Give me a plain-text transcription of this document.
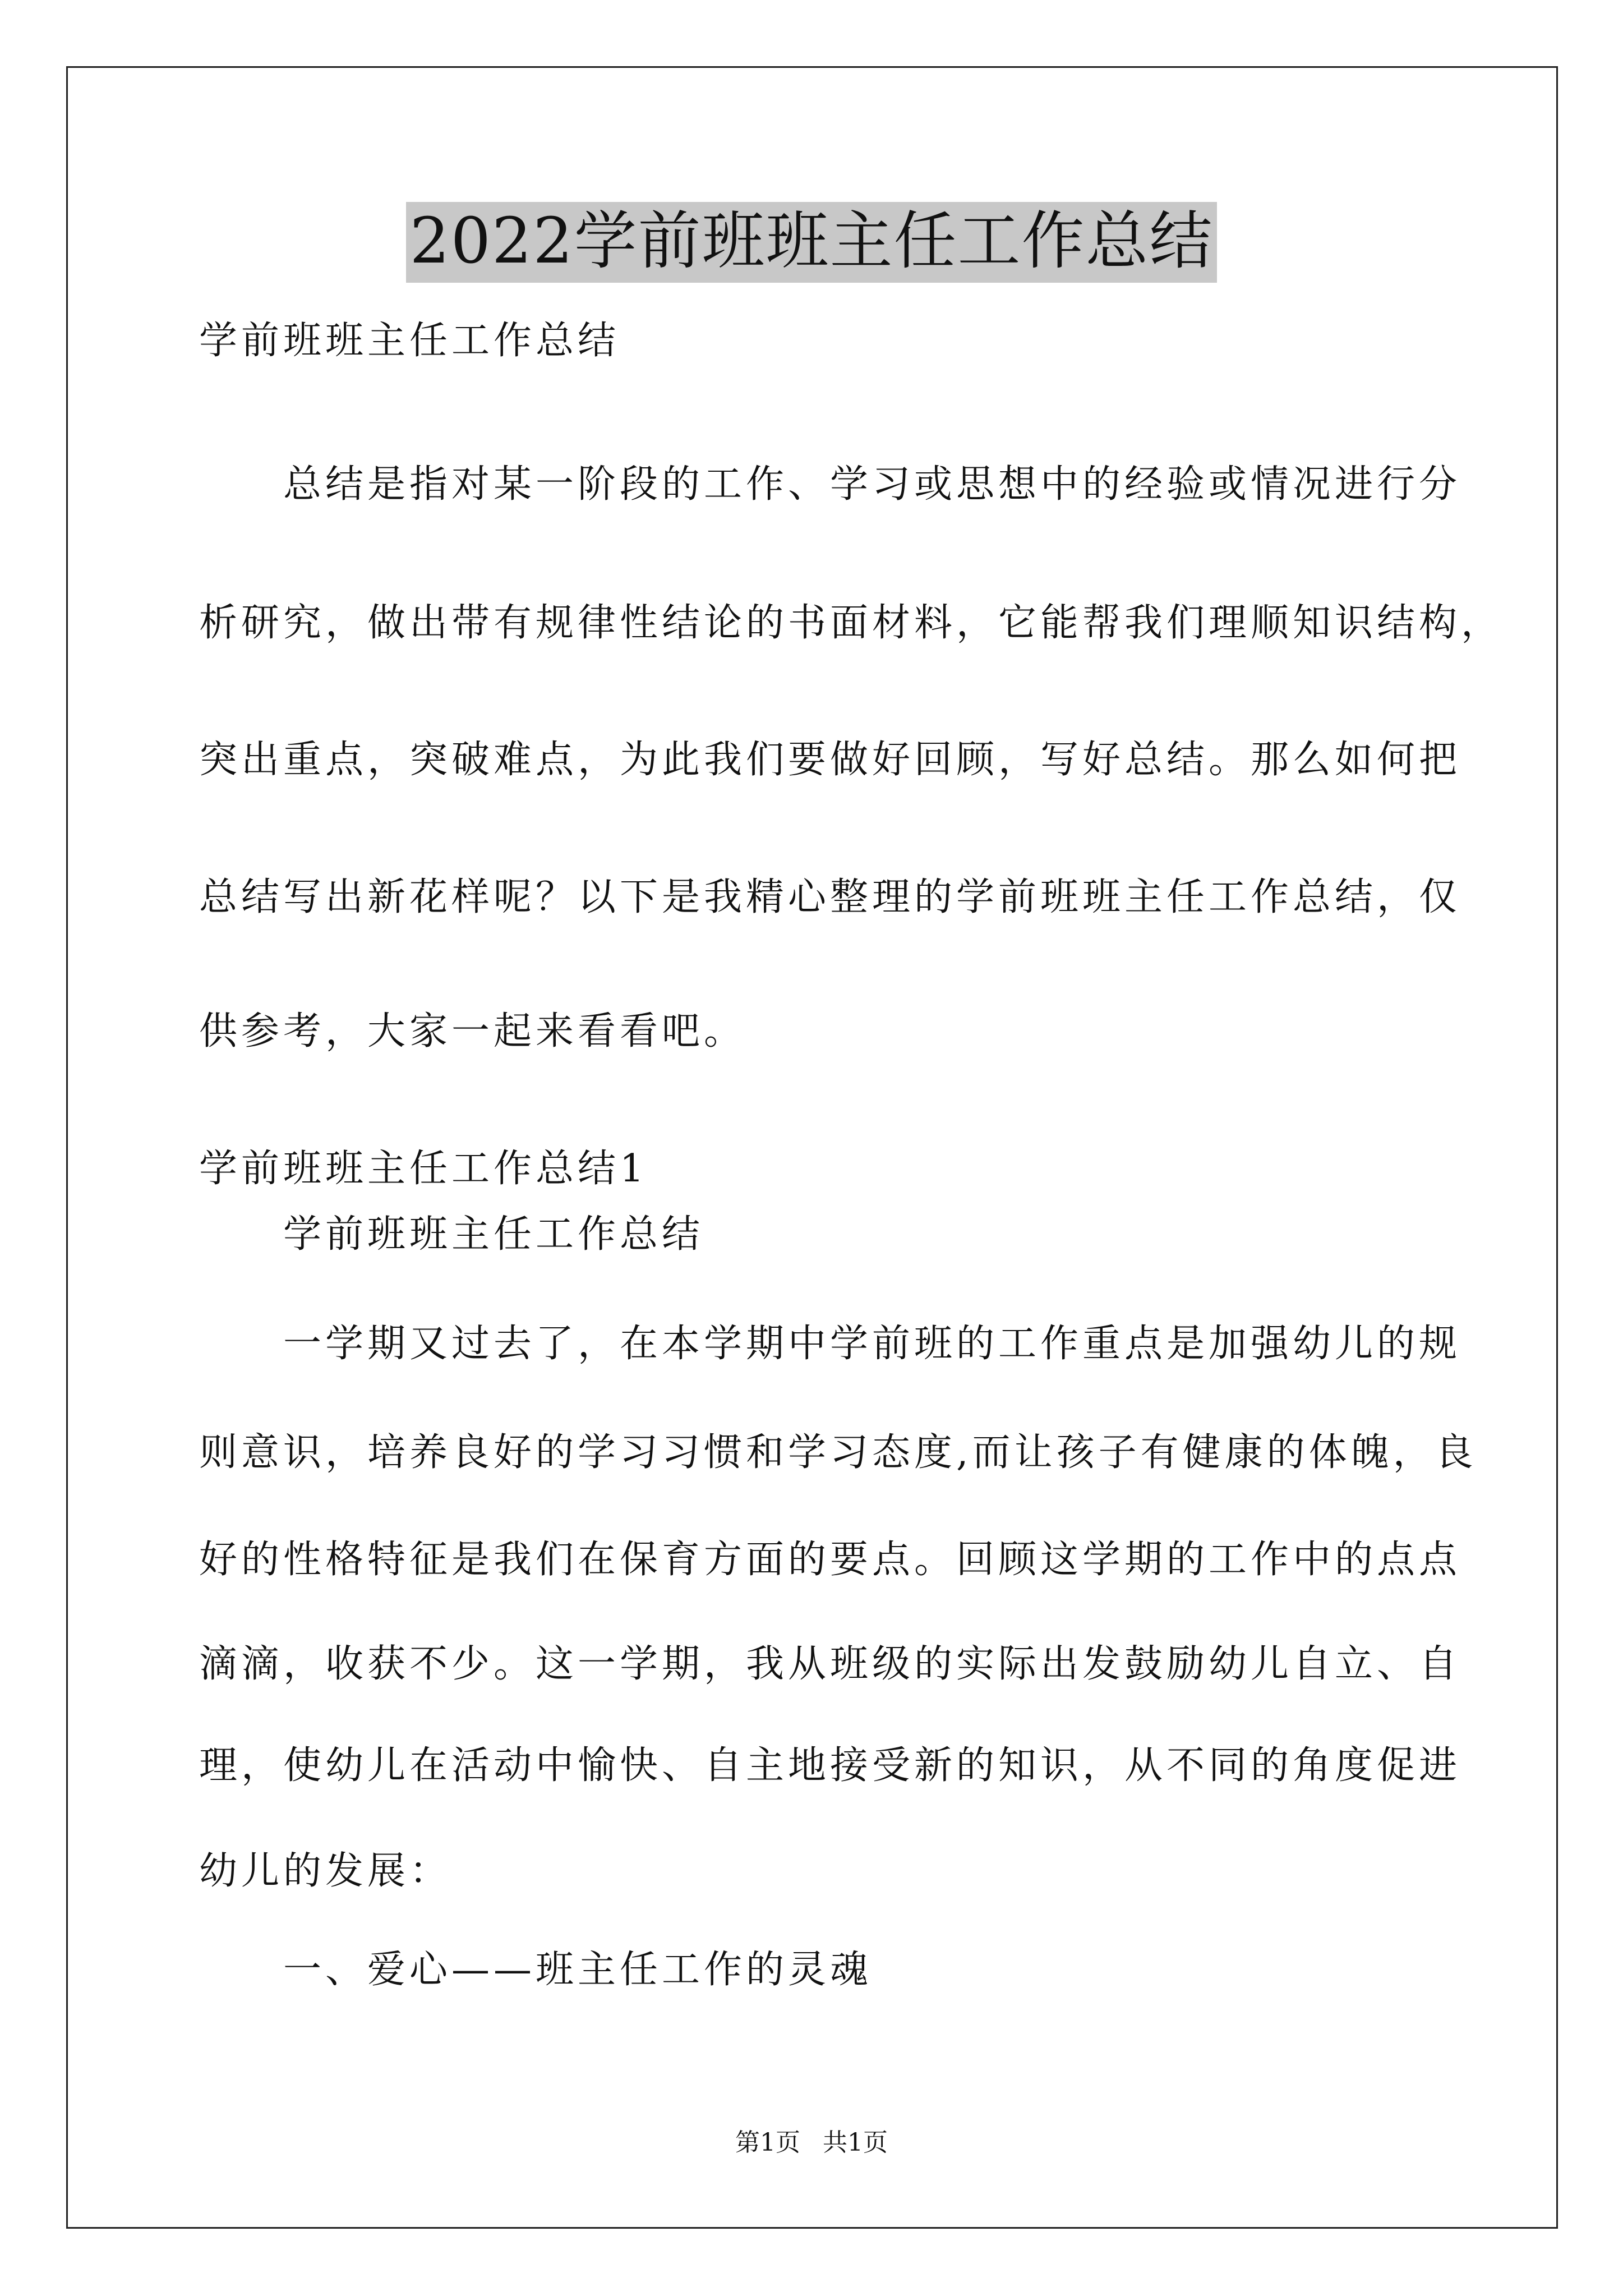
2022学前班班主任工作总结
学前班班主任工作总结
总结是指对某一阶段的工作、学习或思想中的经验或情况进行分
析研究，做出带有规律性结论的书面材料，它能帮我们理顺知识结构，
突出重点，突破难点，为此我们要做好回顾，写好总结。那么如何把
总结写出新花样呢？以下是我精心整理的学前班班主任工作总结，仅
供参考，大家一起来看看吧。
学前班班主任工作总结1
学前班班主任工作总结
一学期又过去了，在本学期中学前班的工作重点是加强幼儿的规
则意识，培养良好的学习习惯和学习态度,而让孩子有健康的体魄，良
好的性格特征是我们在保育方面的要点。回顾这学期的工作中的点点
滴滴，收获不少。这一学期，我从班级的实际出发鼓励幼儿自立、自
理，使幼儿在活动中愉快、自主地接受新的知识，从不同的角度促进
幼儿的发展：
一、爱心——班主任工作的灵魂
第1页 共1页
